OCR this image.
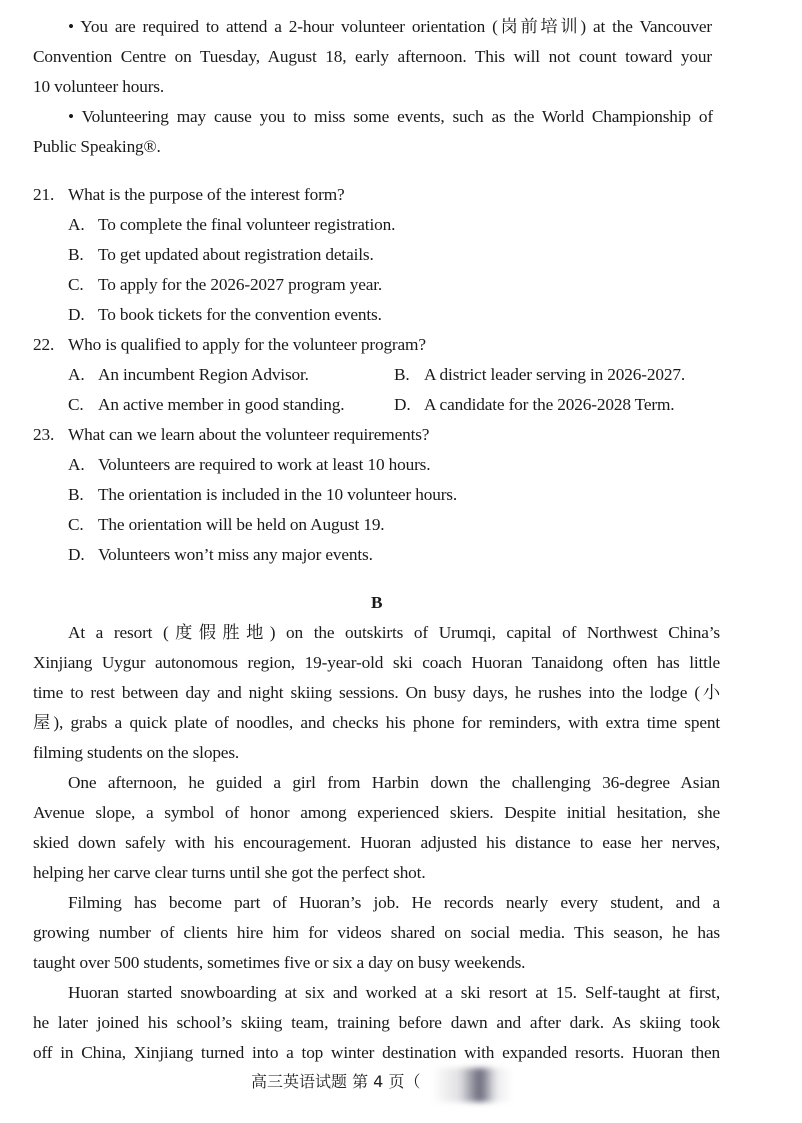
• You are required to attend a 2-hour volunteer orientation (岗前培训) at the Vancouver
Convention Centre on Tuesday, August 18, early afternoon. This will not count toward your
10 volunteer hours.
• Volunteering may cause you to miss some events, such as the World Championship of
Public Speaking®.
21. What is the purpose of the interest form?
A. To complete the final volunteer registration.
B. To get updated about registration details.
C. To apply for the 2026-2027 program year.
D. To book tickets for the convention events.
22. Who is qualified to apply for the volunteer program?
A. An incumbent Region Advisor.	B. A district leader serving in 2026-2027.
C. An active member in good standing.	D. A candidate for the 2026-2028 Term.
23. What can we learn about the volunteer requirements?
A. Volunteers are required to work at least 10 hours.
B. The orientation is included in the 10 volunteer hours.
C. The orientation will be held on August 19.
D. Volunteers won’t miss any major events.
B
At a resort (度假胜地) on the outskirts of Urumqi, capital of Northwest China’s
Xinjiang Uygur autonomous region, 19-year-old ski coach Huoran Tanaidong often has little
time to rest between day and night skiing sessions. On busy days, he rushes into the lodge (小
屋), grabs a quick plate of noodles, and checks his phone for reminders, with extra time spent
filming students on the slopes.
One afternoon, he guided a girl from Harbin down the challenging 36-degree Asian
Avenue slope, a symbol of honor among experienced skiers. Despite initial hesitation, she
skied down safely with his encouragement. Huoran adjusted his distance to ease her nerves,
helping her carve clear turns until she got the perfect shot.
Filming has become part of Huoran’s job. He records nearly every student, and a
growing number of clients hire him for videos shared on social media. This season, he has
taught over 500 students, sometimes five or six a day on busy weekends.
Huoran started snowboarding at six and worked at a ski resort at 15. Self-taught at first,
he later joined his school’s skiing team, training before dawn and after dark. As skiing took
off in China, Xinjiang turned into a top winter destination with expanded resorts. Huoran then
高三英语试题 第 4 页（
